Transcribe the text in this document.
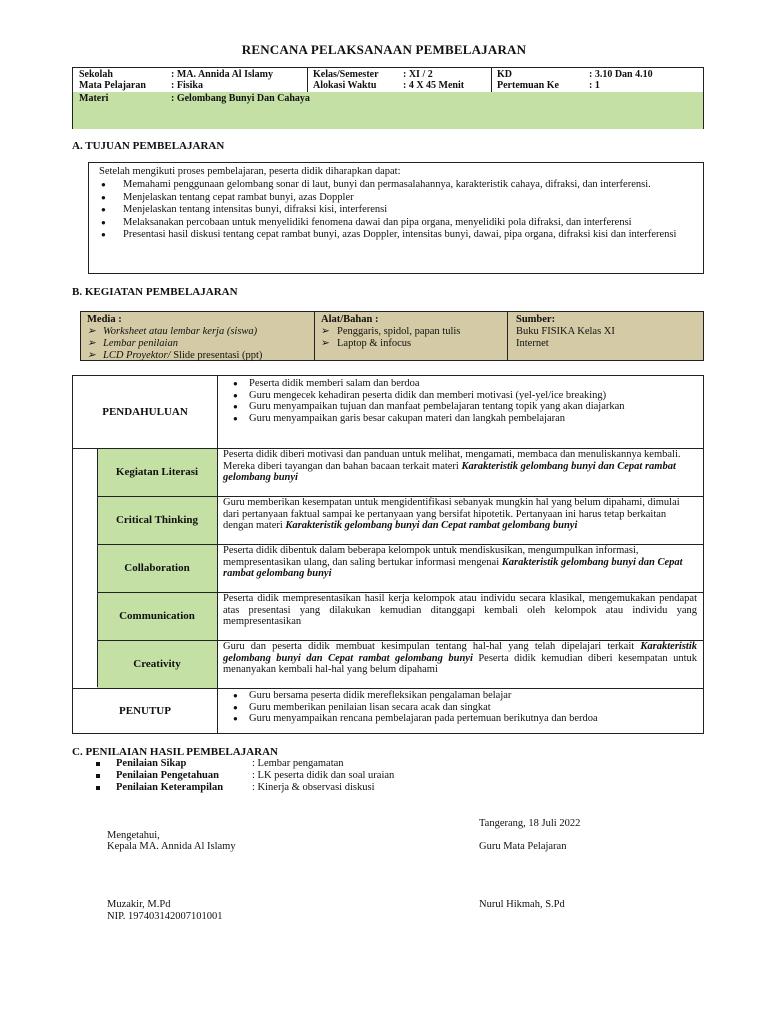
RENCANA PELAKSANAAN PEMBELAJARAN
Sekolah	: MA. Annida Al Islamy
Mata Pelajaran	: Fisika
Kelas/Semester : XI / 2
Alokasi Waktu	: 4 X 45 Menit
KD	: 3.10 Dan 4.10
Pertemuan Ke	: 1
Materi	: Gelombang Bunyi Dan Cahaya
A. TUJUAN PEMBELAJARAN
Setelah mengikuti proses pembelajaran, peserta didik diharapkan dapat:
● Memahami penggunaan gelombang sonar di laut, bunyi dan permasalahannya, karakteristik cahaya, difraksi, dan interferensi.
● Menjelaskan tentang cepat rambat bunyi, azas Doppler
● Menjelaskan tentang intensitas bunyi, difraksi kisi, interferensi
● Melaksanakan percobaan untuk menyelidiki fenomena dawai dan pipa organa, menyelidiki pola difraksi, dan interferensi
● Presentasi hasil diskusi tentang cepat rambat bunyi, azas Doppler, intensitas bunyi, dawai, pipa organa, difraksi kisi dan interferensi
B. KEGIATAN PEMBELAJARAN
Media :
➢ Worksheet atau lembar kerja (siswa)
➢ Lembar penilaian
➢ LCD Proyektor/ Slide presentasi (ppt)
Alat/Bahan :
➢ Penggaris, spidol, papan tulis
➢ Laptop & infocus
Sumber:
Buku FISIKA Kelas XI
Internet
PENDAHULUAN
● Peserta didik memberi salam dan berdoa
● Guru mengecek kehadiran peserta didik dan memberi motivasi (yel-yel/ice breaking)
● Guru menyampaikan tujuan dan manfaat pembelajaran tentang topik yang akan diajarkan
● Guru menyampaikan garis besar cakupan materi dan langkah pembelajaran
Kegiatan Literasi
Peserta didik diberi motivasi dan panduan untuk melihat, mengamati, membaca dan menuliskannya kembali. Mereka diberi tayangan dan bahan bacaan terkait materi Karakteristik gelombang bunyi dan Cepat rambat gelombang bunyi
Critical Thinking
Guru memberikan kesempatan untuk mengidentifikasi sebanyak mungkin hal yang belum dipahami, dimulai dari pertanyaan faktual sampai ke pertanyaan yang bersifat hipotetik. Pertanyaan ini harus tetap berkaitan dengan materi Karakteristik gelombang bunyi dan Cepat rambat gelombang bunyi
Collaboration
Peserta didik dibentuk dalam beberapa kelompok untuk mendiskusikan, mengumpulkan informasi, mempresentasikan ulang, dan saling bertukar informasi mengenai Karakteristik gelombang bunyi dan Cepat rambat gelombang bunyi
Communication
Peserta didik mempresentasikan hasil kerja kelompok atau individu secara klasikal, mengemukakan pendapat atas presentasi yang dilakukan kemudian ditanggapi kembali oleh kelompok atau individu yang mempresentasikan
Creativity
Guru dan peserta didik membuat kesimpulan tentang hal-hal yang telah dipelajari terkait Karakteristik gelombang bunyi dan Cepat rambat gelombang bunyi Peserta didik kemudian diberi kesempatan untuk menanyakan kembali hal-hal yang belum dipahami
PENUTUP
● Guru bersama peserta didik merefleksikan pengalaman belajar
● Guru memberikan penilaian lisan secara acak dan singkat
● Guru menyampaikan rencana pembelajaran pada pertemuan berikutnya dan berdoa
C. PENILAIAN HASIL PEMBELAJARAN
Penilaian Sikap	: Lembar pengamatan
Penilaian Pengetahuan	: LK peserta didik dan soal uraian
Penilaian Keterampilan	: Kinerja & observasi diskusi
Tangerang, 18 Juli 2022
Mengetahui,
Kepala MA. Annida Al Islamy	Guru Mata Pelajaran
Muzakir, M.Pd	Nurul Hikmah, S.Pd
NIP. 197403142007101001
